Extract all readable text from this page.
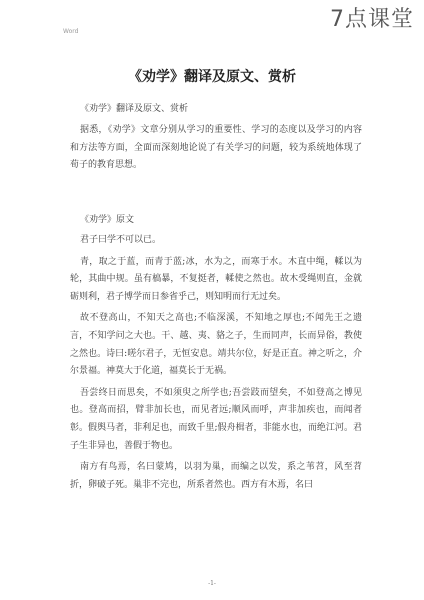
Word	7点课堂
《劝学》翻译及原文、赏析
《劝学》翻译及原文、赏析

据悉，《劝学》文章分别从学习的重要性、学习的态度以及学习的内容和方法等方面，全面而深刻地论说了有关学习的问题，较为系统地体现了荀子的教育思想。

《劝学》原文

君子曰学不可以已。

青，取之于蓝，而青于蓝;冰，水为之，而寒于水。木直中绳，輮以为轮，其曲中规。虽有槁暴，不复挺者，輮使之然也。故木受绳则直，金就砺则利，君子博学而日参省乎己，则知明而行无过矣。

故不登高山，不知天之高也;不临深溪，不知地之厚也;不闻先王之遗言，不知学问之大也。干、越、夷、貉之子，生而同声，长而异俗，教使之然也。诗曰:嗟尔君子，无恒安息。靖共尔位，好是正直。神之听之，介尔景福。神莫大于化道，福莫长于无祸。

吾尝终日而思矣，不如须臾之所学也;吾尝跂而望矣，不如登高之博见也。登高而招，臂非加长也，而见者远;顺风而呼，声非加疾也，而闻者彰。假舆马者，非利足也，而致千里;假舟楫者，非能水也，而绝江河。君子生非异也，善假于物也。

南方有鸟焉，名曰蒙鸠，以羽为巢，而编之以发，系之苇苕，风至苕折，卵破子死。巢非不完也，所系者然也。西方有木焉，名曰

-1-
